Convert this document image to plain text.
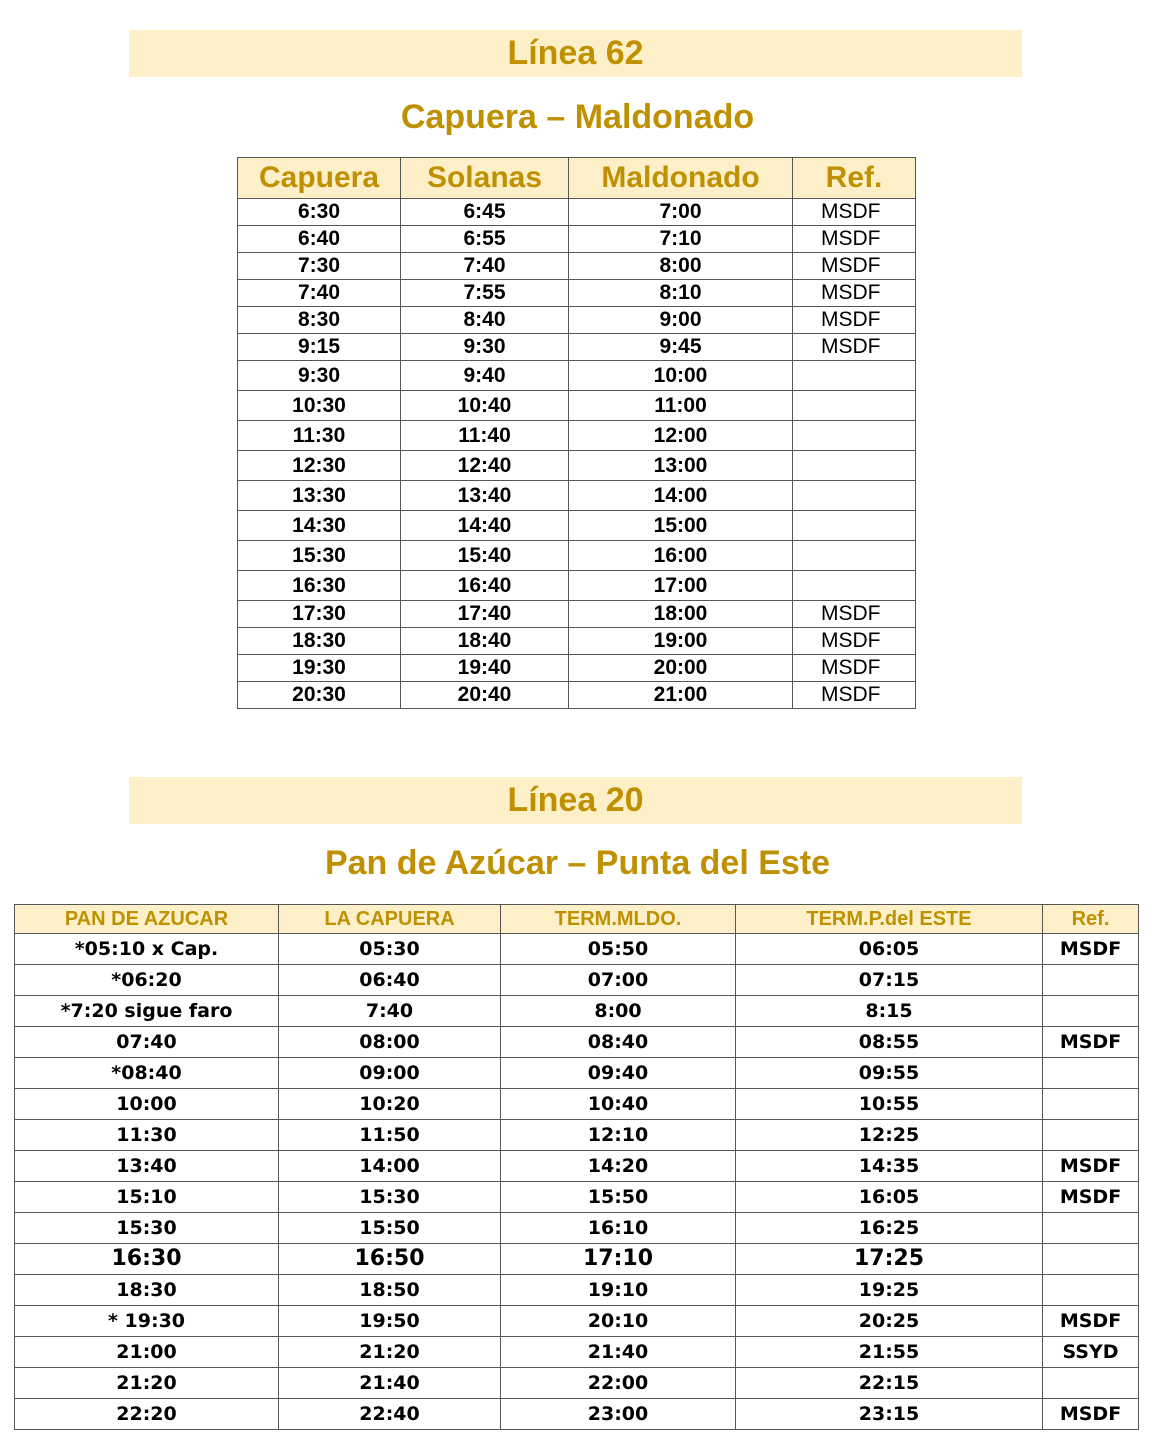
Línea 62
Capuera – Maldonado
Capuera	Solanas	Maldonado	Ref.
6:30	6:45	7:00	MSDF
6:40	6:55	7:10	MSDF
7:30	7:40	8:00	MSDF
7:40	7:55	8:10	MSDF
8:30	8:40	9:00	MSDF
9:15	9:30	9:45	MSDF
9:30	9:40	10:00	
10:30	10:40	11:00	
11:30	11:40	12:00	
12:30	12:40	13:00	
13:30	13:40	14:00	
14:30	14:40	15:00	
15:30	15:40	16:00	
16:30	16:40	17:00	
17:30	17:40	18:00	MSDF
18:30	18:40	19:00	MSDF
19:30	19:40	20:00	MSDF
20:30	20:40	21:00	MSDF
Línea 20
Pan de Azúcar – Punta del Este
PAN DE AZUCAR	LA CAPUERA	TERM.MLDO.	TERM.P.del ESTE	Ref.
*05:10 x Cap.	05:30	05:50	06:05	MSDF
*06:20	06:40	07:00	07:15	
*7:20 sigue faro	7:40	8:00	8:15	
07:40	08:00	08:40	08:55	MSDF
*08:40	09:00	09:40	09:55	
10:00	10:20	10:40	10:55	
11:30	11:50	12:10	12:25	
13:40	14:00	14:20	14:35	MSDF
15:10	15:30	15:50	16:05	MSDF
15:30	15:50	16:10	16:25	
16:30	16:50	17:10	17:25	
18:30	18:50	19:10	19:25	
* 19:30	19:50	20:10	20:25	MSDF
21:00	21:20	21:40	21:55	SSYD
21:20	21:40	22:00	22:15	
22:20	22:40	23:00	23:15	MSDF
